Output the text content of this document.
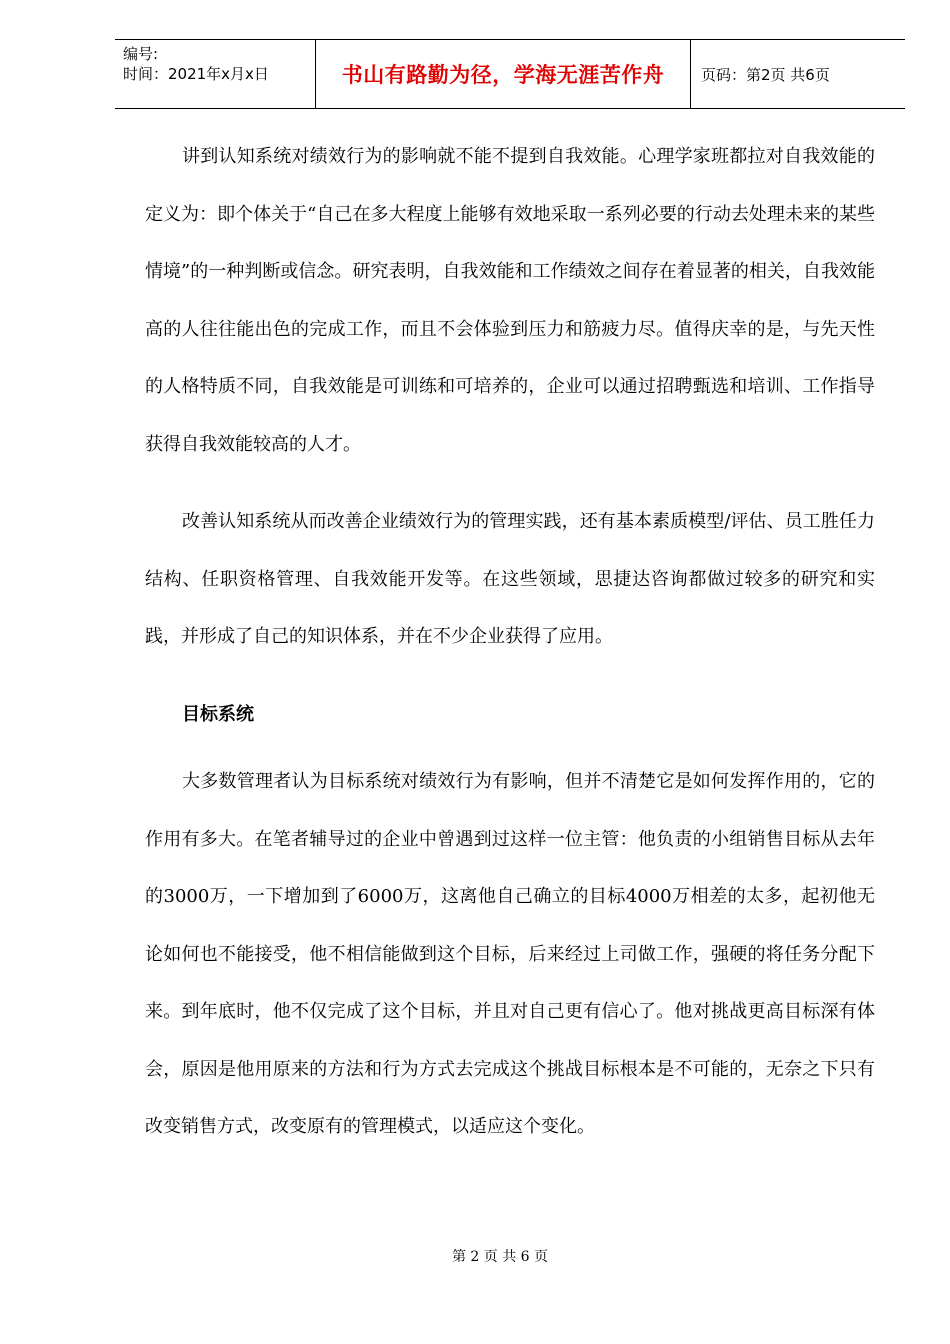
编号:
时间：2021年x月x日	书山有路勤为径，学海无涯苦作舟 页码：第2页 共6页

讲到认知系统对绩效行为的影响就不能不提到自我效能。心理学家班都拉对自我效能的定义为：即个体关于“自己在多大程度上能够有效地采取一系列必要的行动去处理未来的某些情境”的一种判断或信念。研究表明，自我效能和工作绩效之间存在着显著的相关，自我效能高的人往往能出色的完成工作，而且不会体验到压力和筋疲力尽。值得庆幸的是，与先天性的人格特质不同，自我效能是可训练和可培养的，企业可以通过招聘甄选和培训、工作指导获得自我效能较高的人才。

改善认知系统从而改善企业绩效行为的管理实践，还有基本素质模型/评估、员工胜任力结构、任职资格管理、自我效能开发等。在这些领域，思捷达咨询都做过较多的研究和实践，并形成了自己的知识体系，并在不少企业获得了应用。

目标系统

大多数管理者认为目标系统对绩效行为有影响，但并不清楚它是如何发挥作用的，它的作用有多大。在笔者辅导过的企业中曾遇到过这样一位主管：他负责的小组销售目标从去年的3000万，一下增加到了6000万，这离他自己确立的目标4000万相差的太多，起初他无论如何也不能接受，他不相信能做到这个目标，后来经过上司做工作，强硬的将任务分配下来。到年底时，他不仅完成了这个目标，并且对自己更有信心了。他对挑战更高目标深有体会，原因是他用原来的方法和行为方式去完成这个挑战目标根本是不可能的，无奈之下只有改变销售方式，改变原有的管理模式，以适应这个变化。

第 2 页 共 6 页
